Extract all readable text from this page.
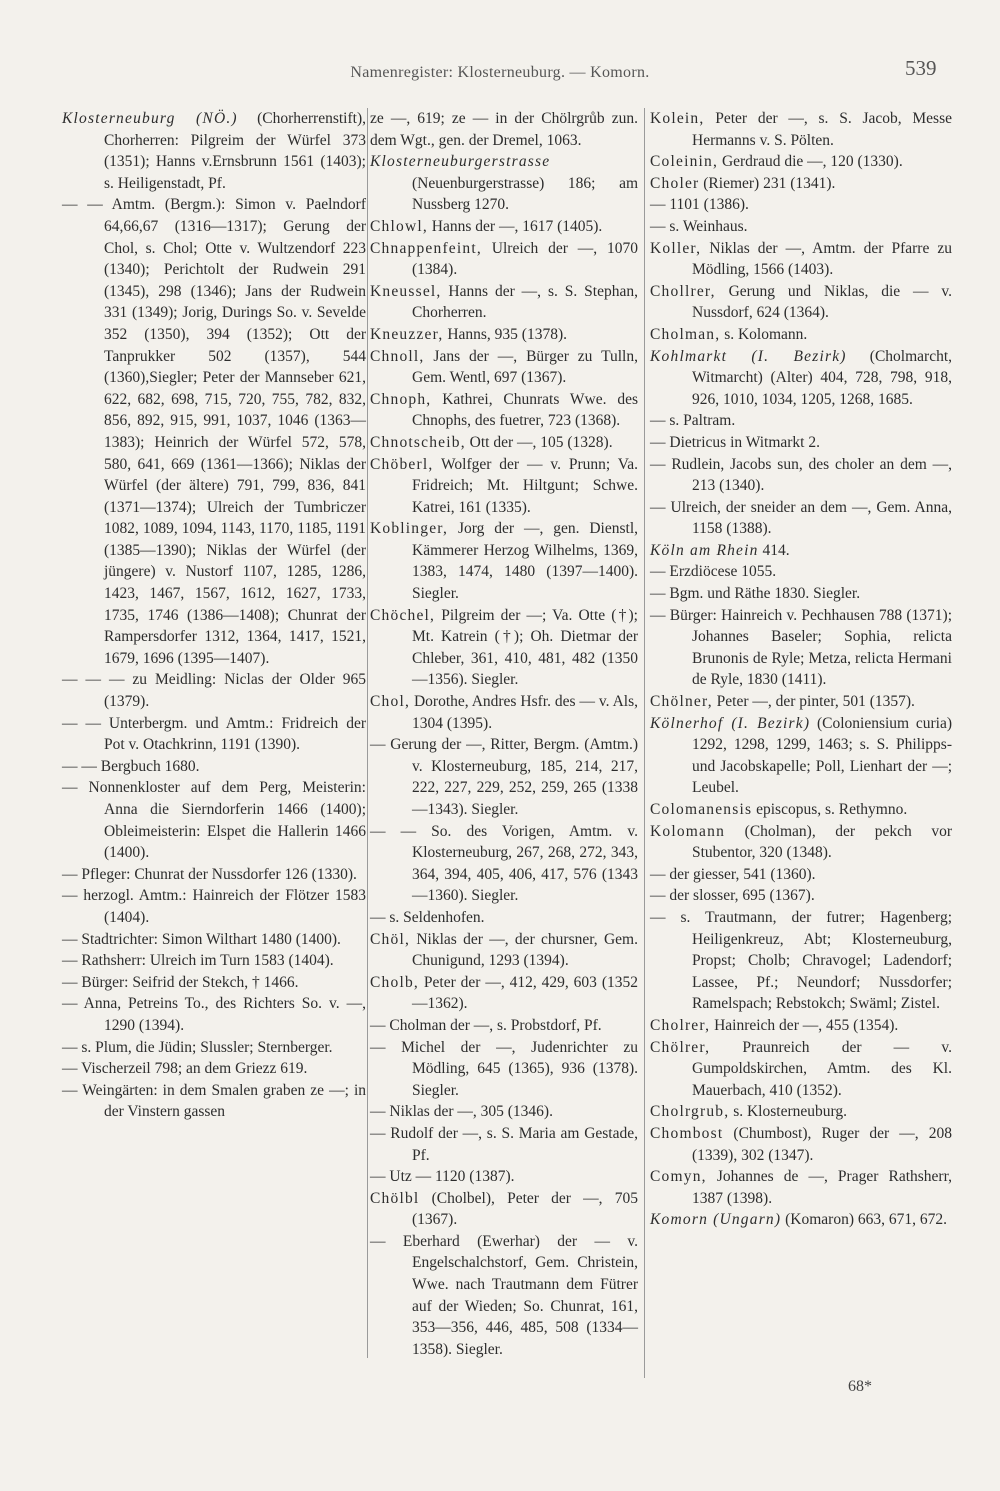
Namenregister: Klosterneuburg. — Komorn.	539

Klosterneuburg (NÖ.) (Chorherrenstift), Chorherren: Pilgreim der Würfel 373 (1351); Hanns v.Ernsbrunn 1561 (1403); s. Heiligenstadt, Pf.

— — Amtm. (Bergm.): Simon v. Paelndorf 64,66,67 (1316—1317); Gerung der Chol, s. Chol; Otte v. Wultzendorf 223 (1340); Perichtolt der Rudwein 291 (1345), 298 (1346); Jans der Rudwein 331 (1349); Jorig, Durings So. v. Sevelde 352 (1350), 394 (1352); Ott der Tanprukker 502 (1357), 544 (1360),Siegler; Peter der Mannseber 621, 622, 682, 698, 715, 720, 755, 782, 832, 856, 892, 915, 991, 1037, 1046 (1363—1383); Heinrich der Würfel 572, 578, 580, 641, 669 (1361—1366); Niklas der Würfel (der ältere) 791, 799, 836, 841 (1371—1374); Ulreich der Tumbriczer 1082, 1089, 1094, 1143, 1170, 1185, 1191 (1385—1390); Niklas der Würfel (der jüngere) v. Nustorf 1107, 1285, 1286, 1423, 1467, 1567, 1612, 1627, 1733, 1735, 1746 (1386—1408); Chunrat der Rampersdorfer 1312, 1364, 1417, 1521, 1679, 1696 (1395—1407).

— — — zu Meidling: Niclas der Older 965 (1379).

— — Unterbergm. und Amtm.: Fridreich der Pot v. Otachkrinn, 1191 (1390).

— — Bergbuch 1680.

— Nonnenkloster auf dem Perg, Meisterin: Anna die Sierndorferin 1466 (1400); Obleimeisterin: Elspet die Hallerin 1466 (1400).

— Pfleger: Chunrat der Nussdorfer 126 (1330).

— herzogl. Amtm.: Hainreich der Flötzer 1583 (1404).

— Stadtrichter: Simon Wilthart 1480 (1400).

— Rathsherr: Ulreich im Turn 1583 (1404).

— Bürger: Seifrid der Stekch, † 1466.

— Anna, Petreins To., des Richters So. v. —, 1290 (1394).

— s. Plum, die Jüdin; Slussler; Sternberger.

— Vischerzeil 798; an dem Griezz 619.

— Weingärten: in dem Smalen graben ze —; in der Vinstern gassen

ze —, 619; ze — in der Chölrgrůb zun. dem Wgt., gen. der Dremel, 1063.

Klosterneuburgerstrasse (Neuenburgerstrasse) 186; am Nussberg 1270.

Chlowl, Hanns der —, 1617 (1405).

Chnappenfeint, Ulreich der —, 1070 (1384).

Kneussel, Hanns der —, s. S. Stephan, Chorherren.

Kneuzzer, Hanns, 935 (1378).

Chnoll, Jans der —, Bürger zu Tulln, Gem. Wentl, 697 (1367).

Chnoph, Kathrei, Chunrats Wwe. des Chnophs, des fuetrer, 723 (1368).

Chnotscheib, Ott der —, 105 (1328).

Chöberl, Wolfger der — v. Prunn; Va. Fridreich; Mt. Hiltgunt; Schwe. Katrei, 161 (1335).

Koblinger, Jorg der —, gen. Dienstl, Kämmerer Herzog Wilhelms, 1369, 1383, 1474, 1480 (1397—1400). Siegler.

Chöchel, Pilgreim der —; Va. Otte (†); Mt. Katrein (†); Oh. Dietmar der Chleber, 361, 410, 481, 482 (1350—1356). Siegler.

Chol, Dorothe, Andres Hsfr. des — v. Als, 1304 (1395).

— Gerung der —, Ritter, Bergm. (Amtm.) v. Klosterneuburg, 185, 214, 217, 222, 227, 229, 252, 259, 265 (1338—1343). Siegler.

— — So. des Vorigen, Amtm. v. Klosterneuburg, 267, 268, 272, 343, 364, 394, 405, 406, 417, 576 (1343—1360). Siegler.

— s. Seldenhofen.

Chöl, Niklas der —, der chursner, Gem. Chunigund, 1293 (1394).

Cholb, Peter der —, 412, 429, 603 (1352—1362).

— Cholman der —, s. Probstdorf, Pf.

— Michel der —, Judenrichter zu Mödling, 645 (1365), 936 (1378). Siegler.

— Niklas der —, 305 (1346).

— Rudolf der —, s. S. Maria am Gestade, Pf.

— Utz — 1120 (1387).

Chölbl (Cholbel), Peter der —, 705 (1367).

— Eberhard (Ewerhar) der — v. Engelschalchstorf, Gem. Christein, Wwe. nach Trautmann dem Fütrer auf der Wieden; So. Chunrat, 161, 353—356, 446, 485, 508 (1334—1358). Siegler.

Kolein, Peter der —, s. S. Jacob, Messe Hermanns v. S. Pölten.

Coleinin, Gerdraud die —, 120 (1330).

Choler (Riemer) 231 (1341).

— 1101 (1386).

— s. Weinhaus.

Koller, Niklas der —, Amtm. der Pfarre zu Mödling, 1566 (1403).

Chollrer, Gerung und Niklas, die — v. Nussdorf, 624 (1364).

Cholman, s. Kolomann.

Kohlmarkt (I. Bezirk) (Cholmarcht, Witmarcht) (Alter) 404, 728, 798, 918, 926, 1010, 1034, 1205, 1268, 1685.

— s. Paltram.

— Dietricus in Witmarkt 2.

— Rudlein, Jacobs sun, des choler an dem —, 213 (1340).

— Ulreich, der sneider an dem —, Gem. Anna, 1158 (1388).

Köln am Rhein 414.

— Erzdiöcese 1055.

— Bgm. und Räthe 1830. Siegler.

— Bürger: Hainreich v. Pechhausen 788 (1371); Johannes Baseler; Sophia, relicta Brunonis de Ryle; Metza, relicta Hermani de Ryle, 1830 (1411).

Chölner, Peter —, der pinter, 501 (1357).

Kölnerhof (I. Bezirk) (Coloniensium curia) 1292, 1298, 1299, 1463; s. S. Philipps- und Jacobskapelle; Poll, Lienhart der —; Leubel.

Colomanensis episcopus, s. Rethymno.

Kolomann (Cholman), der pekch vor Stubentor, 320 (1348).

— der giesser, 541 (1360).

— der slosser, 695 (1367).

— s. Trautmann, der futrer; Hagenberg; Heiligenkreuz, Abt; Klosterneuburg, Propst; Cholb; Chravogel; Ladendorf; Lassee, Pf.; Neundorf; Nussdorfer; Ramelspach; Rebstokch; Swäml; Zistel.

Cholrer, Hainreich der —, 455 (1354).

Chölrer, Praunreich der — v. Gumpoldskirchen, Amtm. des Kl. Mauerbach, 410 (1352).

Cholrgrub, s. Klosterneuburg.

Chombost (Chumbost), Ruger der —, 208 (1339), 302 (1347).

Comyn, Johannes de —, Prager Rathsherr, 1387 (1398).

Komorn (Ungarn) (Komaron) 663, 671, 672.

68*
